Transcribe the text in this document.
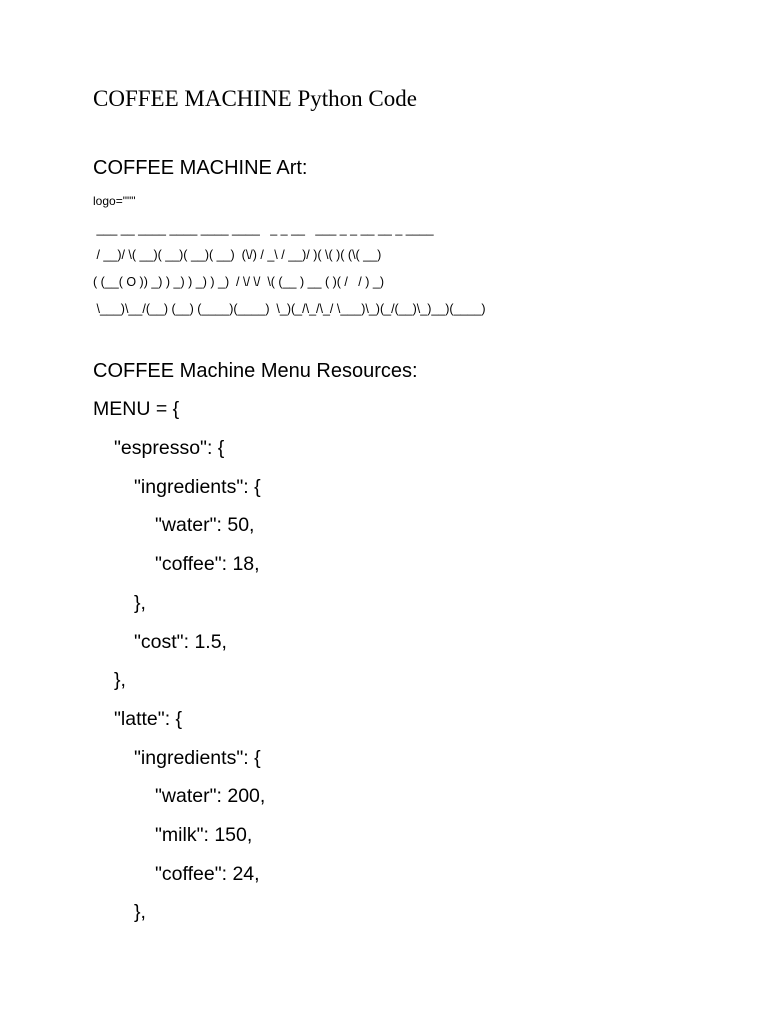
COFFEE MACHINE Python Code
COFFEE MACHINE Art:
logo="""
___ __ ____ ____ ____ ____   _ _ __   ___ _ _ __ __ _ ____
/ __)/ \( __)( __)( __)( __)  (\/) / _\ / __)/ )( \( )( (\( __)
( (__( O )) _) ) _) ) _) ) _)  / \/ \/  \( (__ ) __ ( )( /   / ) _)
\___)\__/(__) (__) (____)(____)  \_)(_/\_/\_/ \___)\_)(_/(__)\_)__)(____)
COFFEE Machine Menu Resources:
MENU = {
"espresso": {
"ingredients": {
"water": 50,
"coffee": 18,
},
"cost": 1.5,
},
"latte": {
"ingredients": {
"water": 200,
"milk": 150,
"coffee": 24,
},
